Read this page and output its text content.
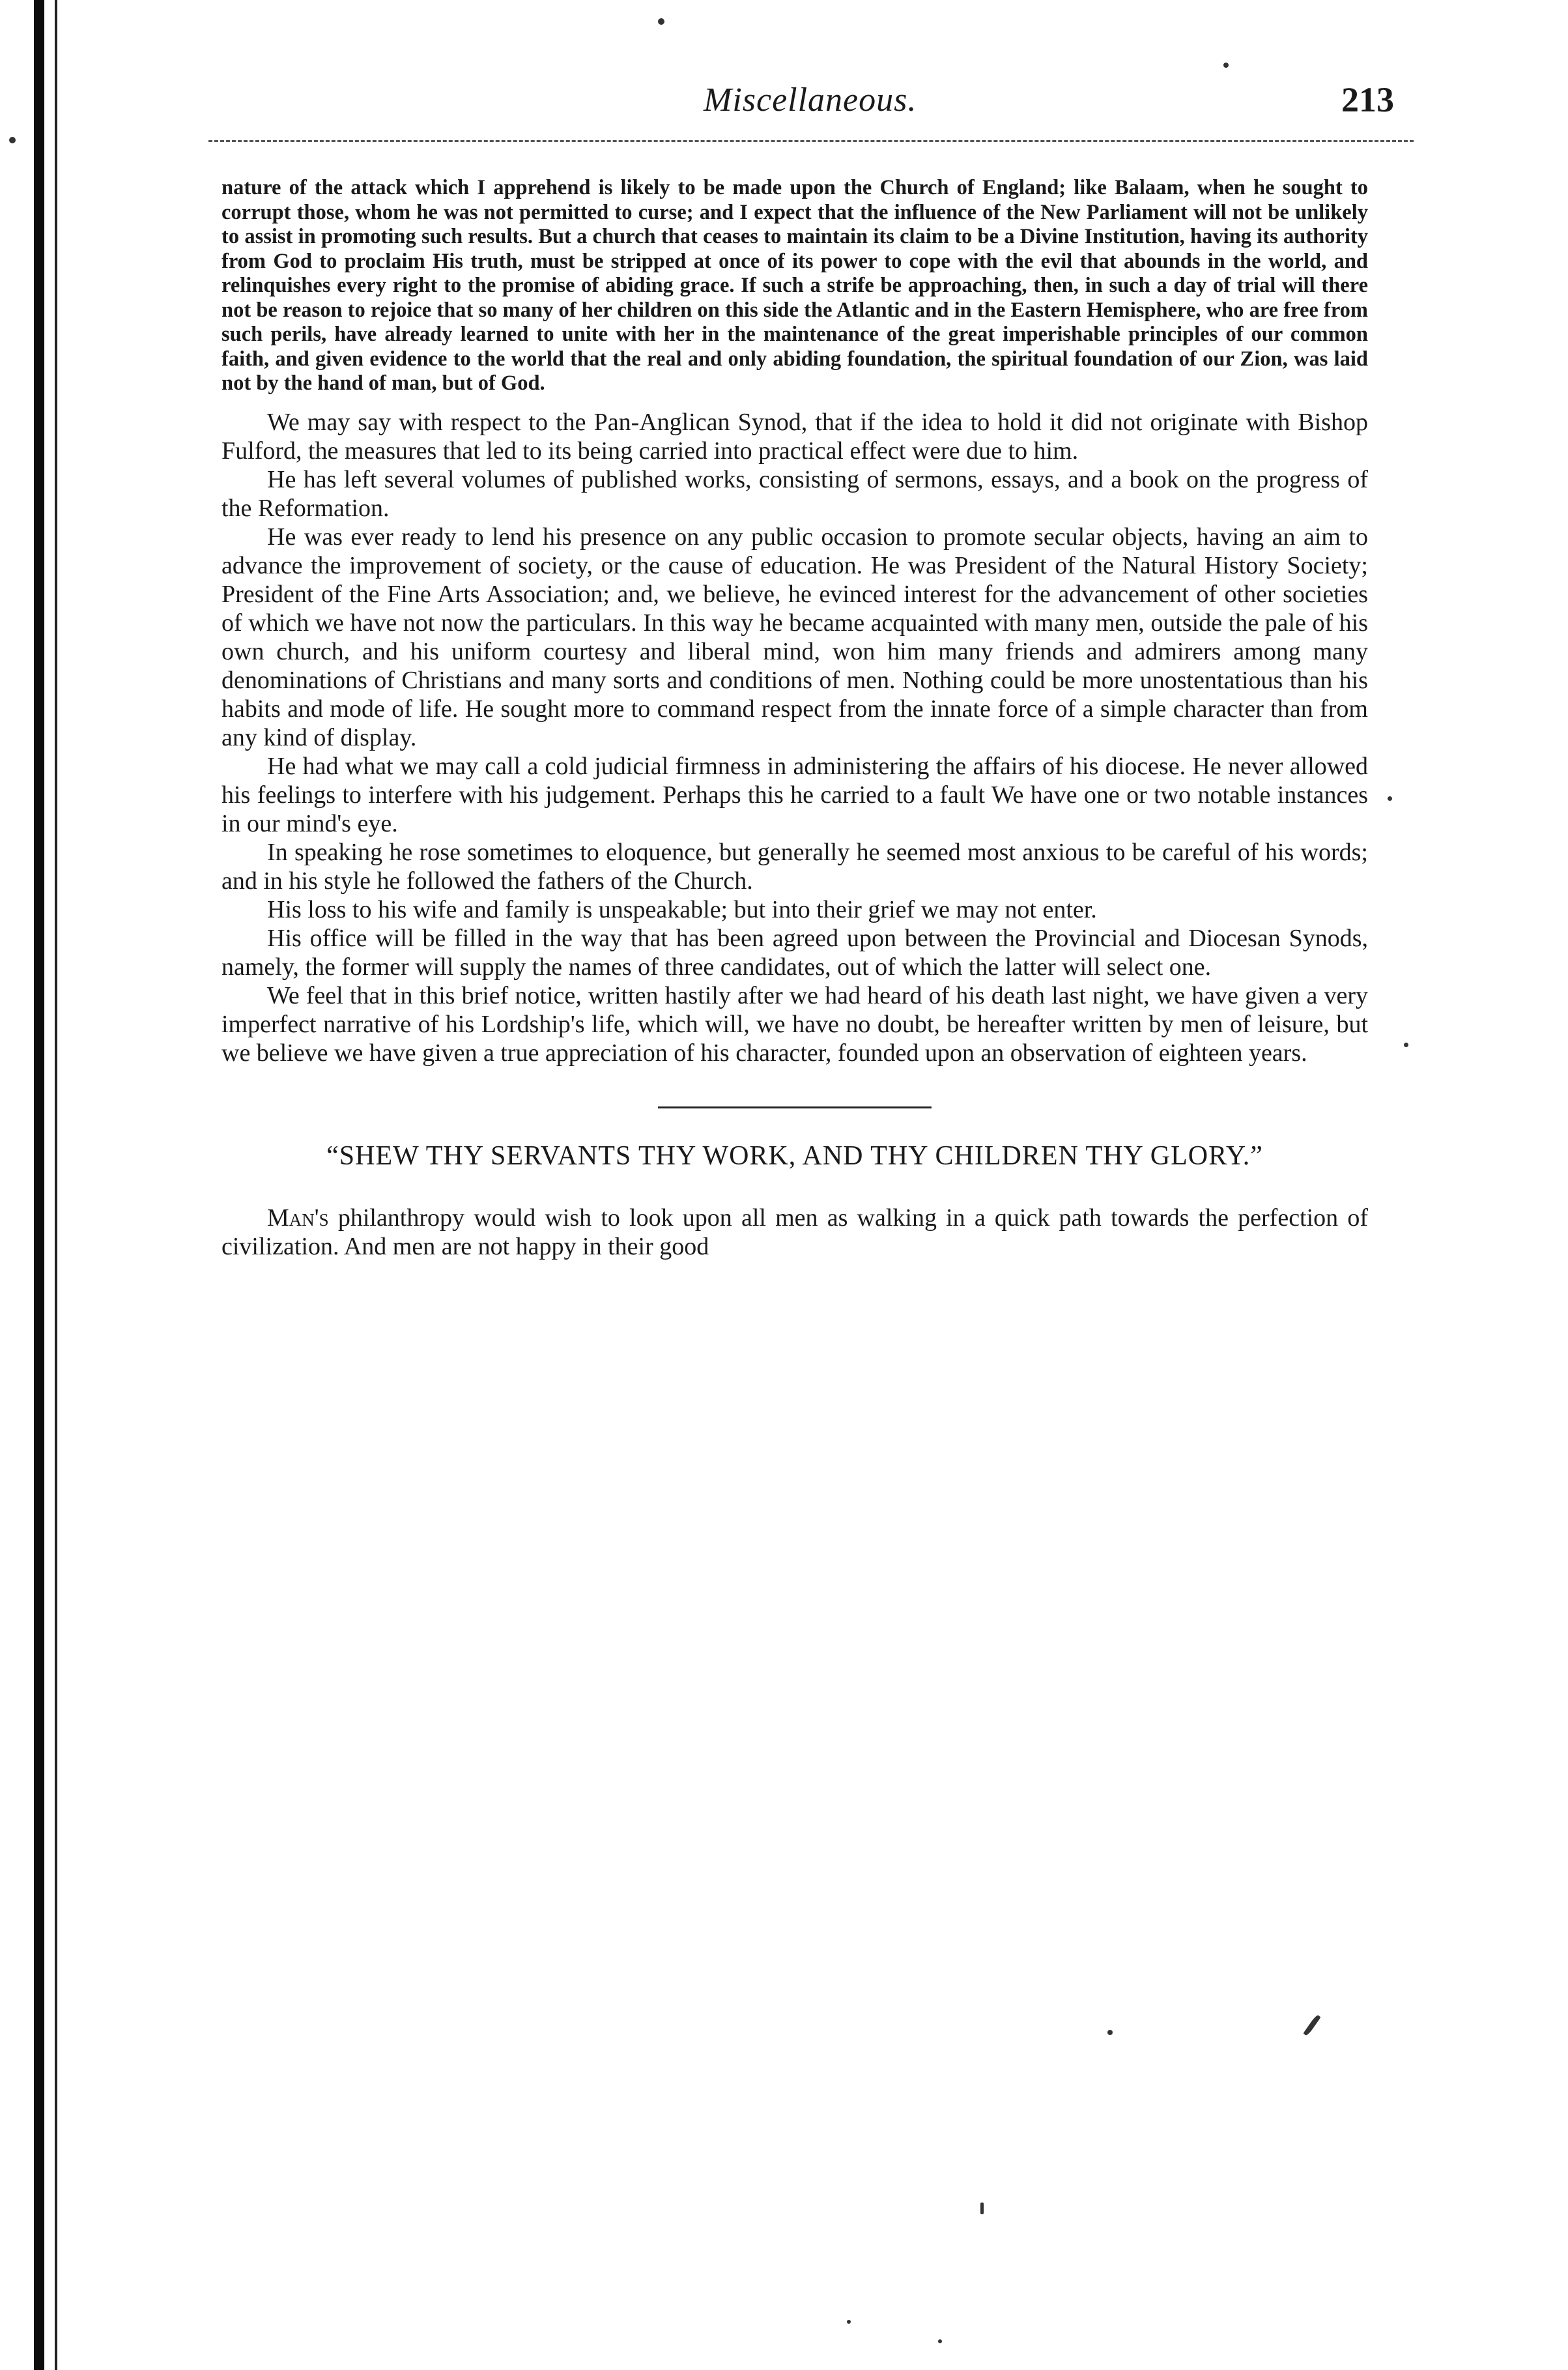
Miscellaneous.	213

nature of the attack which I apprehend is likely to be made upon the Church of England; like Balaam, when he sought to corrupt those, whom he was not permitted to curse; and I expect that the influence of the New Parliament will not be unlikely to assist in promoting such results. But a church that ceases to maintain its claim to be a Divine Institution, having its authority from God to proclaim His truth, must be stripped at once of its power to cope with the evil that abounds in the world, and relinquishes every right to the promise of abiding grace. If such a strife be approaching, then, in such a day of trial will there not be reason to rejoice that so many of her children on this side the Atlantic and in the Eastern Hemisphere, who are free from such perils, have already learned to unite with her in the maintenance of the great imperishable principles of our common faith, and given evidence to the world that the real and only abiding foundation, the spiritual foundation of our Zion, was laid not by the hand of man, but of God.

We may say with respect to the Pan-Anglican Synod, that if the idea to hold it did not originate with Bishop Fulford, the measures that led to its being carried into practical effect were due to him.

He has left several volumes of published works, consisting of sermons, essays, and a book on the progress of the Reformation.

He was ever ready to lend his presence on any public occasion to promote secular objects, having an aim to advance the improvement of society, or the cause of education. He was President of the Natural History Society; President of the Fine Arts Association; and, we believe, he evinced interest for the advancement of other societies of which we have not now the particulars. In this way he became acquainted with many men, outside the pale of his own church, and his uniform courtesy and liberal mind, won him many friends and admirers among many denominations of Christians and many sorts and conditions of men. Nothing could be more unostentatious than his habits and mode of life. He sought more to command respect from the innate force of a simple character than from any kind of display.

He had what we may call a cold judicial firmness in administering the affairs of his diocese. He never allowed his feelings to interfere with his judgement. Perhaps this he carried to a fault We have one or two notable instances in our mind's eye.

In speaking he rose sometimes to eloquence, but generally he seemed most anxious to be careful of his words; and in his style he followed the fathers of the Church.

His loss to his wife and family is unspeakable; but into their grief we may not enter.

His office will be filled in the way that has been agreed upon between the Provincial and Diocesan Synods, namely, the former will supply the names of three candidates, out of which the latter will select one.

We feel that in this brief notice, written hastily after we had heard of his death last night, we have given a very imperfect narrative of his Lordship's life, which will, we have no doubt, be hereafter written by men of leisure, but we believe we have given a true appreciation of his character, founded upon an observation of eighteen years.

“SHEW THY SERVANTS THY WORK, AND THY CHILDREN THY GLORY.”

Man's philanthropy would wish to look upon all men as walking in a quick path towards the perfection of civilization. And men are not happy in their good
